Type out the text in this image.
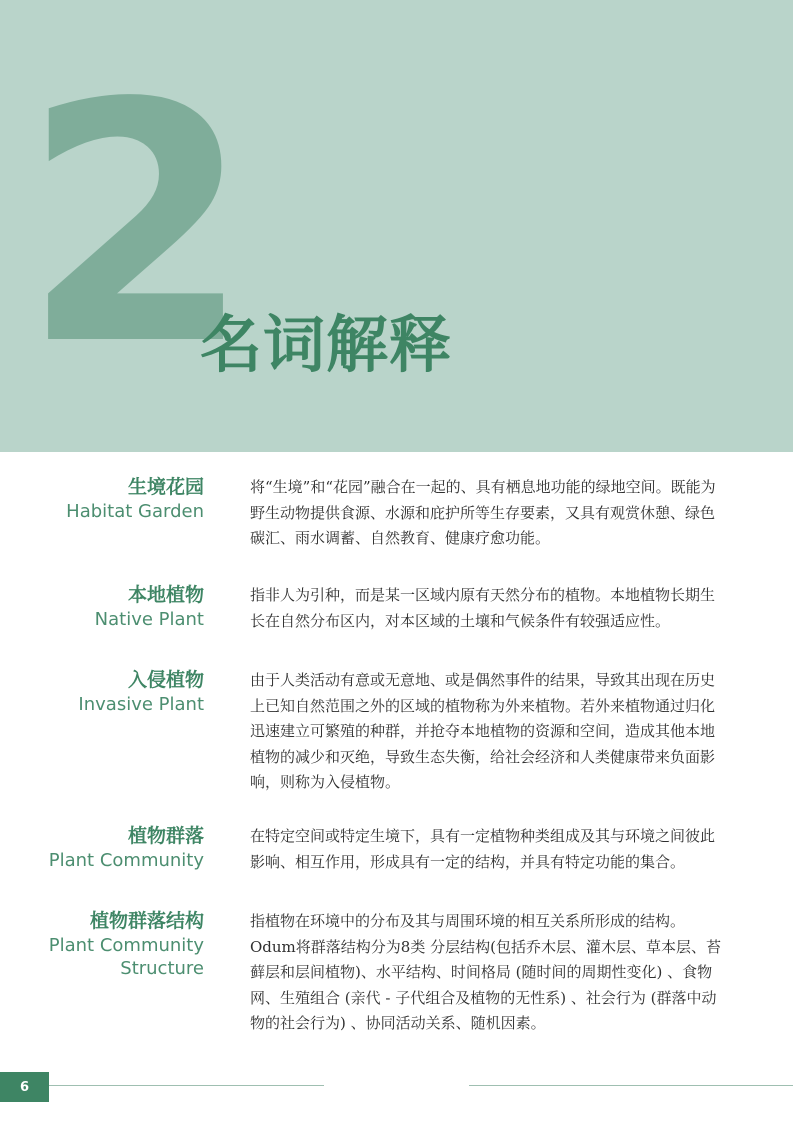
2
名词解释
生境花园
Habitat Garden
将“生境”和“花园”融合在一起的、具有栖息地功能的绿地空间。既能为野生动物提供食源、水源和庇护所等生存要素，又具有观赏休憩、绿色碳汇、雨水调蓄、自然教育、健康疗愈功能。
本地植物
Native Plant
指非人为引种，而是某一区域内原有天然分布的植物。本地植物长期生长在自然分布区内，对本区域的土壤和气候条件有较强适应性。
入侵植物
Invasive Plant
由于人类活动有意或无意地、或是偶然事件的结果，导致其出现在历史上已知自然范围之外的区域的植物称为外来植物。若外来植物通过归化迅速建立可繁殖的种群，并抢夺本地植物的资源和空间，造成其他本地植物的减少和灭绝，导致生态失衡，给社会经济和人类健康带来负面影响，则称为入侵植物。
植物群落
Plant Community
在特定空间或特定生境下，具有一定植物种类组成及其与环境之间彼此影响、相互作用，形成具有一定的结构，并具有特定功能的集合。
植物群落结构
Plant Community
Structure
指植物在环境中的分布及其与周围环境的相互关系所形成的结构。Odum将群落结构分为8类 分层结构(包括乔木层、灌木层、草本层、苔藓层和层间植物)、水平结构、时间格局 (随时间的周期性变化) 、食物网、生殖组合 (亲代 - 子代组合及植物的无性系) 、社会行为 (群落中动物的社会行为) 、协同活动关系、随机因素。
6
